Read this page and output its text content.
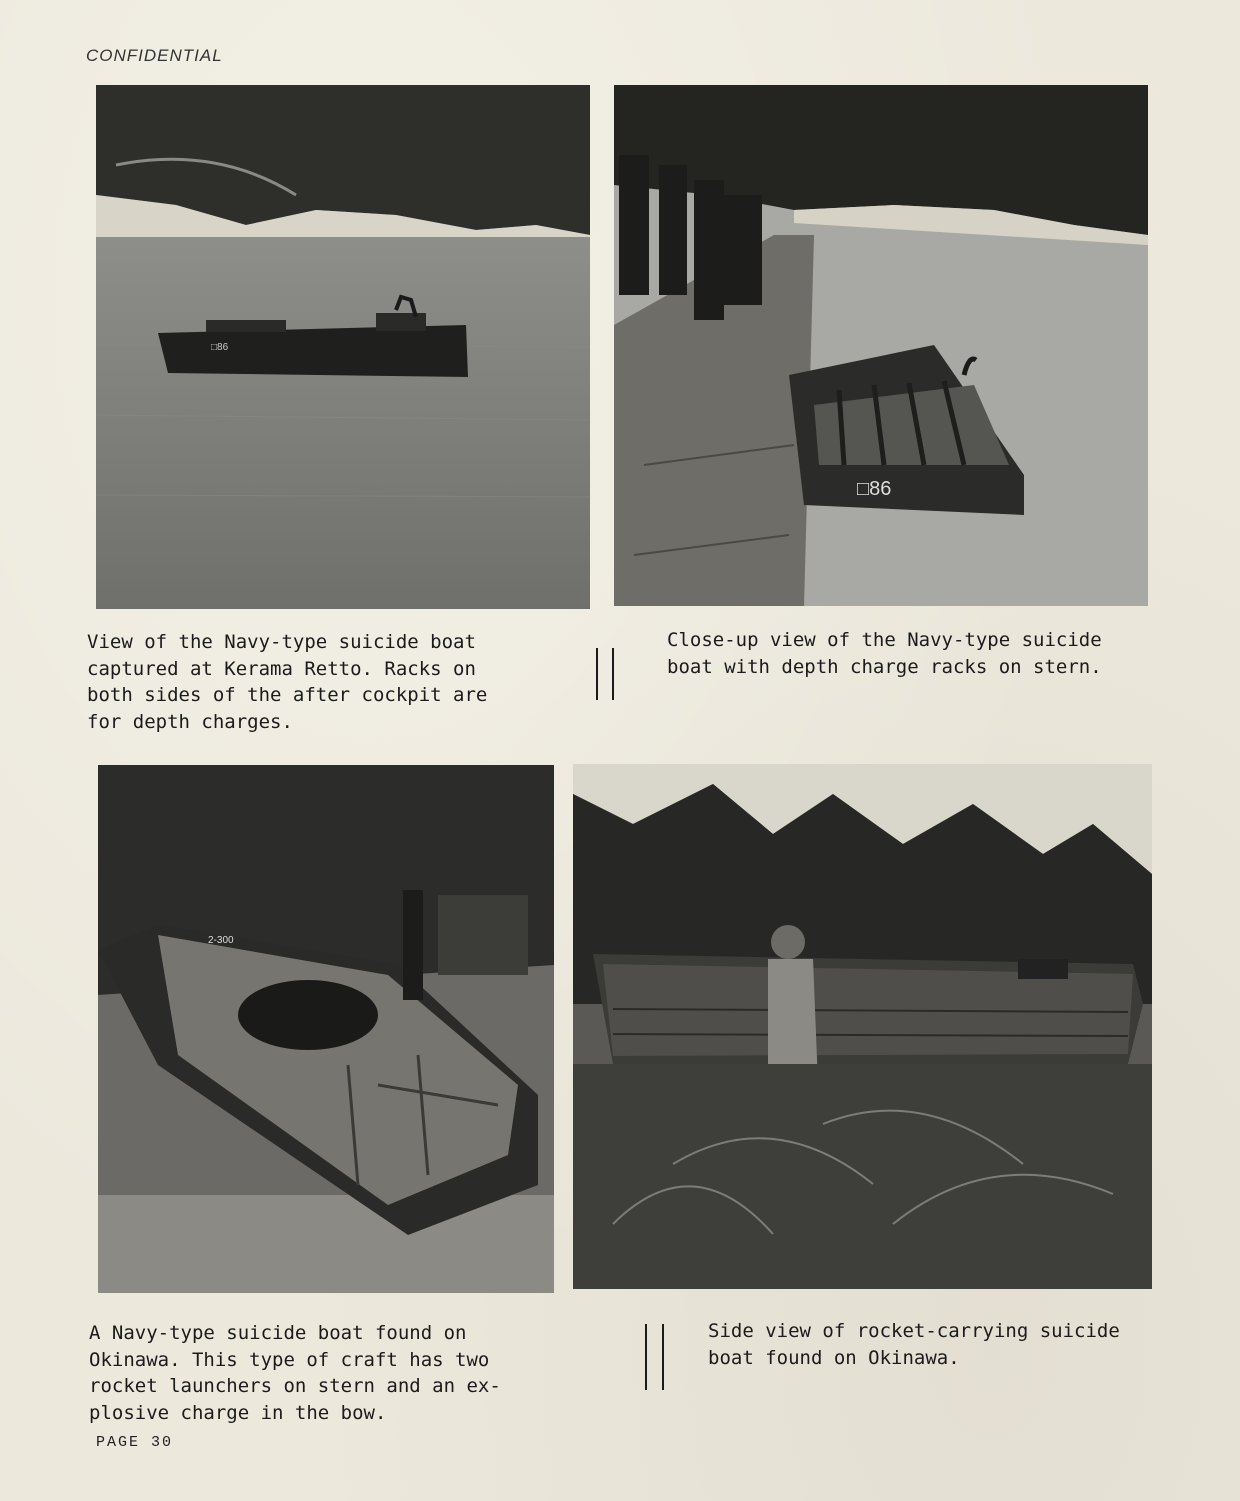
CONFIDENTIAL
□86
□86
View of the Navy-type suicide boat
captured at Kerama Retto. Racks on
both sides of the after cockpit are
for depth charges.
Close-up view of the Navy-type suicide
boat with depth charge racks on stern.
2-300
A Navy-type suicide boat found on
Okinawa. This type of craft has two
rocket launchers on stern and an ex-
plosive charge in the bow.
Side view of rocket-carrying suicide
boat found on Okinawa.
PAGE 30
